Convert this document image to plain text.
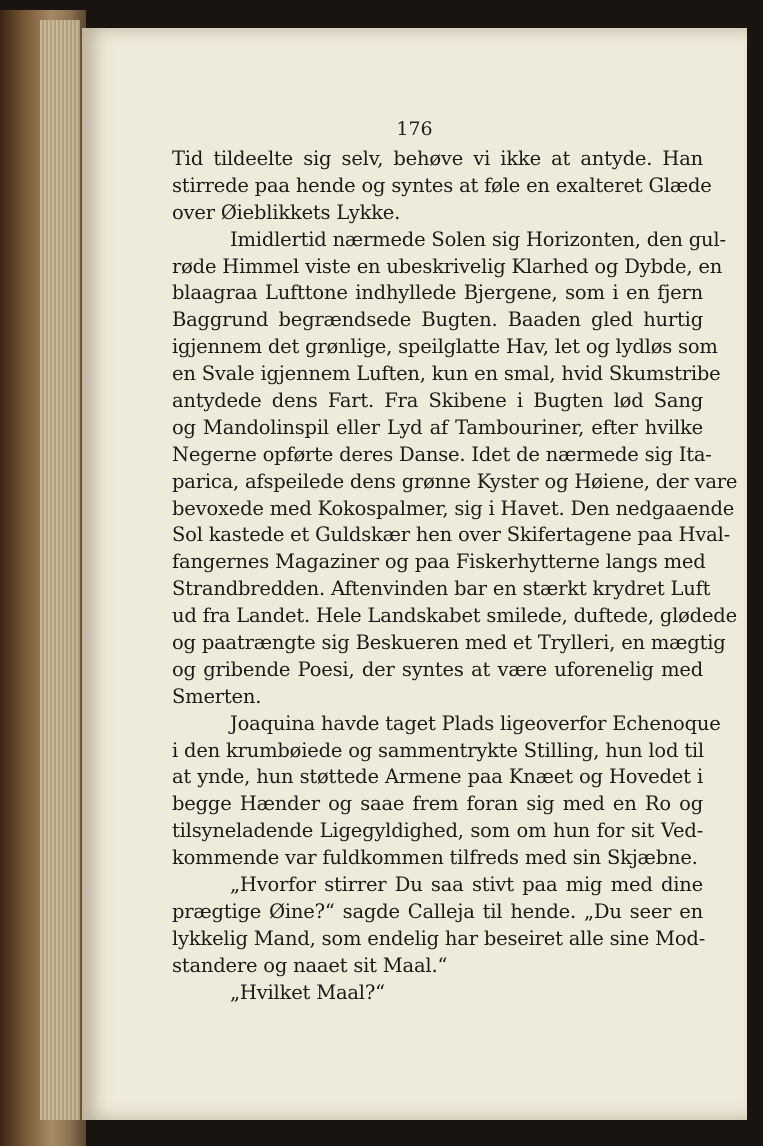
176
Tid tildeelte sig selv, behøve vi ikke at antyde. Han
stirrede paa hende og syntes at føle en exalteret Glæde
over Øieblikkets Lykke.
Imidlertid nærmede Solen sig Horizonten, den gul-
røde Himmel viste en ubeskrivelig Klarhed og Dybde, en
blaagraa Lufttone indhyllede Bjergene, som i en fjern
Baggrund begrændsede Bugten. Baaden gled hurtig
igjennem det grønlige, speilglatte Hav, let og lydløs som
en Svale igjennem Luften, kun en smal, hvid Skumstribe
antydede dens Fart. Fra Skibene i Bugten lød Sang
og Mandolinspil eller Lyd af Tambouriner, efter hvilke
Negerne opførte deres Danse. Idet de nærmede sig Ita-
parica, afspeilede dens grønne Kyster og Høiene, der vare
bevoxede med Kokospalmer, sig i Havet. Den nedgaaende
Sol kastede et Guldskær hen over Skifertagene paa Hval-
fangernes Magaziner og paa Fiskerhytterne langs med
Strandbredden. Aftenvinden bar en stærkt krydret Luft
ud fra Landet. Hele Landskabet smilede, duftede, glødede
og paatrængte sig Beskueren med et Trylleri, en mægtig
og gribende Poesi, der syntes at være uforenelig med
Smerten.
Joaquina havde taget Plads ligeoverfor Echenoque
i den krumbøiede og sammentrykte Stilling, hun lod til
at ynde, hun støttede Armene paa Knæet og Hovedet i
begge Hænder og saae frem foran sig med en Ro og
tilsyneladende Ligegyldighed, som om hun for sit Ved-
kommende var fuldkommen tilfreds med sin Skjæbne.
„Hvorfor stirrer Du saa stivt paa mig med dine
prægtige Øine?“ sagde Calleja til hende. „Du seer en
lykkelig Mand, som endelig har beseiret alle sine Mod-
standere og naaet sit Maal.“
„Hvilket Maal?“
